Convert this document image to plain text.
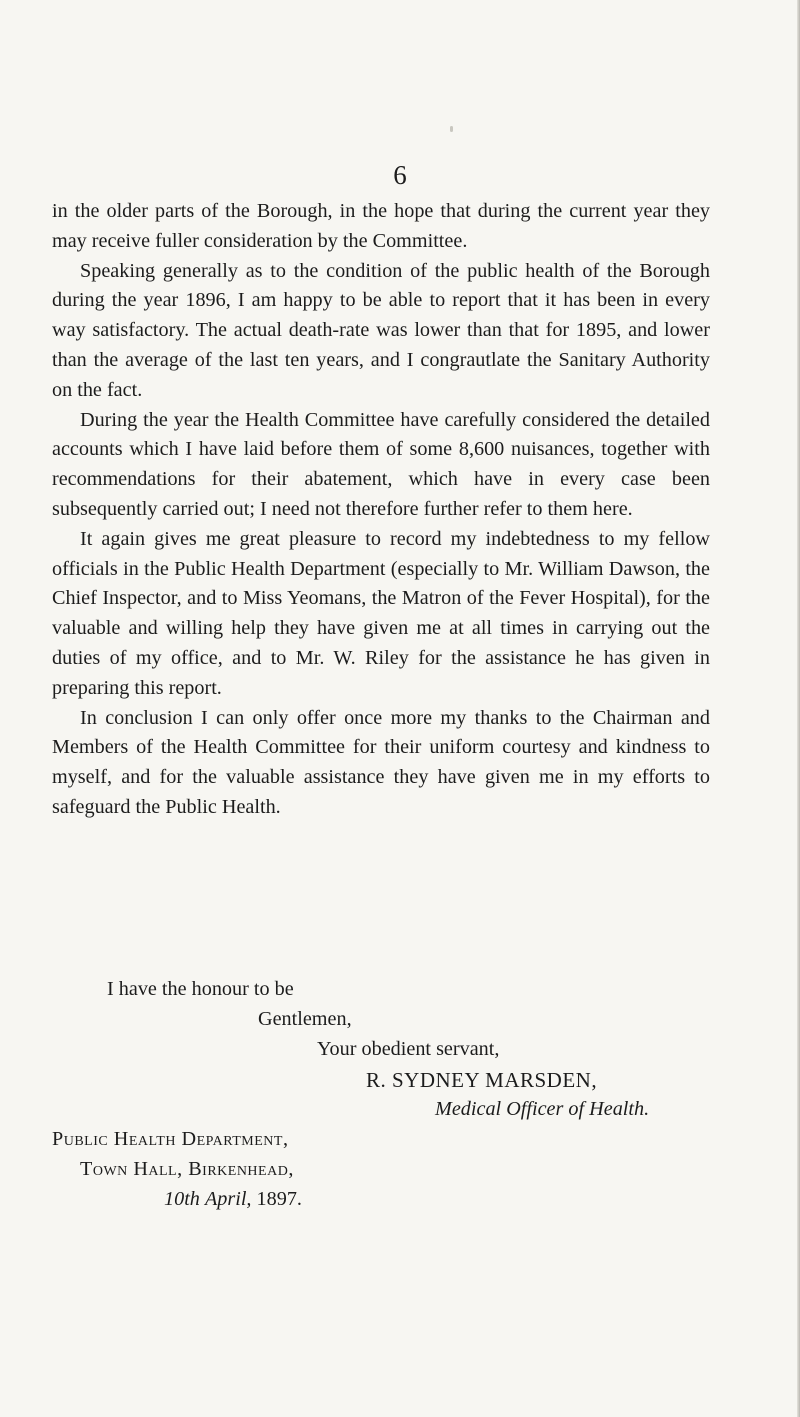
6

in the older parts of the Borough, in the hope that during the current year they may receive fuller consideration by the Committee.

Speaking generally as to the condition of the public health of the Borough during the year 1896, I am happy to be able to report that it has been in every way satisfactory. The actual death-rate was lower than that for 1895, and lower than the average of the last ten years, and I congrautlate the Sanitary Authority on the fact.

During the year the Health Committee have carefully considered the detailed accounts which I have laid before them of some 8,600 nuisances, together with recommendations for their abatement, which have in every case been subsequently carried out; I need not therefore further refer to them here.

It again gives me great pleasure to record my indebtedness to my fellow officials in the Public Health Department (especially to Mr. William Dawson, the Chief Inspector, and to Miss Yeomans, the Matron of the Fever Hospital), for the valuable and willing help they have given me at all times in carrying out the duties of my office, and to Mr. W. Riley for the assistance he has given in preparing this report.

In conclusion I can only offer once more my thanks to the Chairman and Members of the Health Committee for their uniform courtesy and kindness to myself, and for the valuable assistance they have given me in my efforts to safeguard the Public Health.

I have the honour to be
Gentlemen,
Your obedient servant,
R. SYDNEY MARSDEN,
Medical Officer of Health.
Public Health Department,
Town Hall, Birkenhead,
10th April, 1897.
